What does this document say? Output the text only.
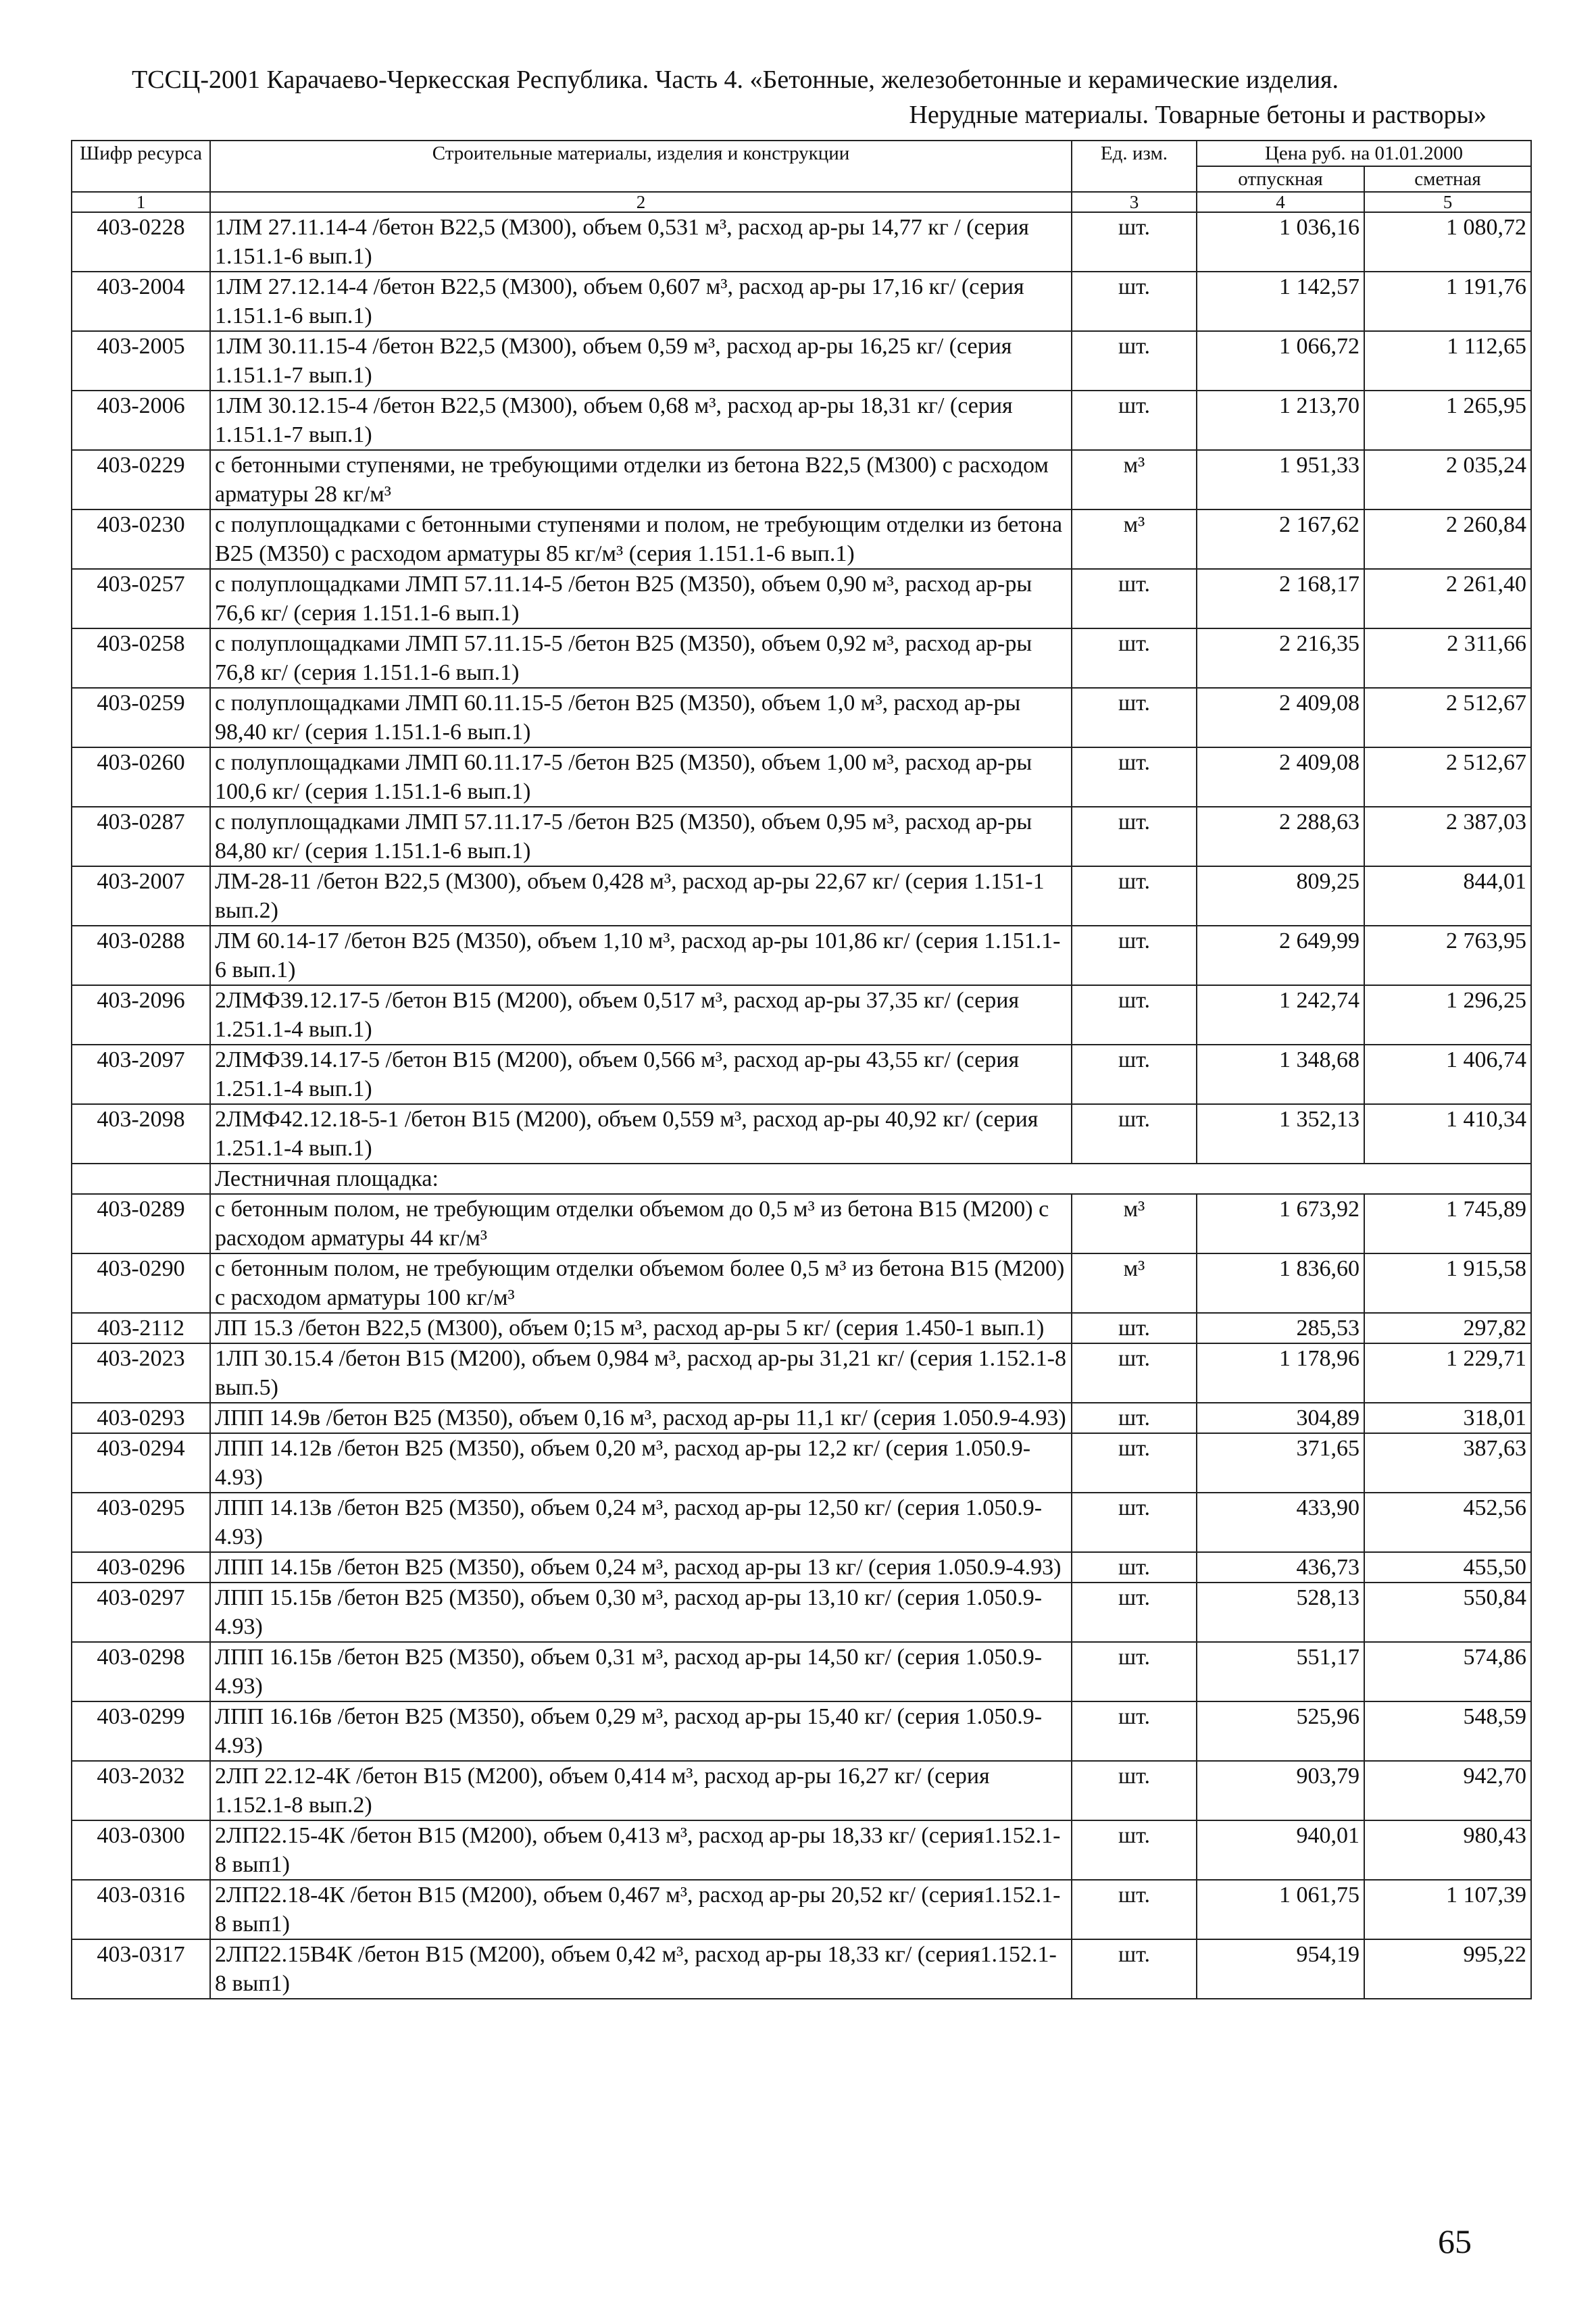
ТССЦ-2001 Карачаево-Черкесская Республика. Часть 4. «Бетонные, железобетонные и керамические изделия.
Нерудные материалы. Товарные бетоны и растворы»
Шифр ресурса	Строительные материалы, изделия и конструкции	Ед. изм.	Цена руб. на 01.01.2000	
			отпускная	сметная
1	2	3	4	5
403-0228	1ЛМ 27.11.14-4 /бетон В22,5 (М300), объем 0,531 м³, расход ар-ры 14,77 кг / (серия 1.151.1-6 вып.1)	шт.	1 036,16	1 080,72
403-2004	1ЛМ 27.12.14-4 /бетон В22,5 (М300), объем 0,607 м³, расход ар-ры 17,16 кг/ (серия 1.151.1-6 вып.1)	шт.	1 142,57	1 191,76
403-2005	1ЛМ 30.11.15-4 /бетон В22,5 (М300), объем 0,59 м³, расход ар-ры 16,25 кг/ (серия 1.151.1-7 вып.1)	шт.	1 066,72	1 112,65
403-2006	1ЛМ 30.12.15-4 /бетон В22,5 (М300), объем 0,68 м³, расход ар-ры 18,31 кг/ (серия 1.151.1-7 вып.1)	шт.	1 213,70	1 265,95
403-0229	с бетонными ступенями, не требующими отделки из бетона В22,5 (М300) с расходом арматуры 28 кг/м³	м³	1 951,33	2 035,24
403-0230	с полуплощадками с бетонными ступенями и полом, не требующим отделки из бетона В25 (М350) с расходом арматуры 85 кг/м³ (серия 1.151.1-6 вып.1)	м³	2 167,62	2 260,84
403-0257	с полуплощадками ЛМП 57.11.14-5 /бетон В25 (М350), объем 0,90 м³, расход ар-ры 76,6 кг/ (серия 1.151.1-6 вып.1)	шт.	2 168,17	2 261,40
403-0258	с полуплощадками ЛМП 57.11.15-5 /бетон В25 (М350), объем 0,92 м³, расход ар-ры 76,8 кг/ (серия 1.151.1-6 вып.1)	шт.	2 216,35	2 311,66
403-0259	с полуплощадками ЛМП 60.11.15-5 /бетон В25 (М350), объем 1,0 м³, расход ар-ры 98,40 кг/ (серия 1.151.1-6 вып.1)	шт.	2 409,08	2 512,67
403-0260	с полуплощадками ЛМП 60.11.17-5 /бетон В25 (М350), объем 1,00 м³, расход ар-ры 100,6 кг/ (серия 1.151.1-6 вып.1)	шт.	2 409,08	2 512,67
403-0287	с полуплощадками ЛМП 57.11.17-5 /бетон В25 (М350), объем 0,95 м³, расход ар-ры 84,80 кг/ (серия 1.151.1-6 вып.1)	шт.	2 288,63	2 387,03
403-2007	ЛМ-28-11 /бетон В22,5 (М300), объем 0,428 м³, расход ар-ры 22,67 кг/ (серия 1.151-1 вып.2)	шт.	809,25	844,01
403-0288	ЛМ 60.14-17 /бетон В25 (М350), объем 1,10 м³, расход ар-ры 101,86 кг/ (серия 1.151.1-6 вып.1)	шт.	2 649,99	2 763,95
403-2096	2ЛМФ39.12.17-5 /бетон В15 (М200), объем 0,517 м³, расход ар-ры 37,35 кг/ (серия 1.251.1-4 вып.1)	шт.	1 242,74	1 296,25
403-2097	2ЛМФ39.14.17-5 /бетон В15 (М200), объем 0,566 м³, расход ар-ры 43,55 кг/ (серия 1.251.1-4 вып.1)	шт.	1 348,68	1 406,74
403-2098	2ЛМФ42.12.18-5-1 /бетон В15 (М200), объем 0,559 м³, расход ар-ры 40,92 кг/ (серия 1.251.1-4 вып.1)	шт.	1 352,13	1 410,34
	Лестничная площадка:			
403-0289	с бетонным полом, не требующим отделки объемом до 0,5 м³ из бетона В15 (М200) с расходом арматуры 44 кг/м³	м³	1 673,92	1 745,89
403-0290	с бетонным полом, не требующим отделки объемом более 0,5 м³ из бетона В15 (М200) с расходом арматуры 100 кг/м³	м³	1 836,60	1 915,58
403-2112	ЛП 15.3 /бетон В22,5 (М300), объем 0;15 м³, расход ар-ры 5 кг/ (серия 1.450-1 вып.1)	шт.	285,53	297,82
403-2023	1ЛП 30.15.4 /бетон В15 (М200), объем 0,984 м³, расход ар-ры 31,21 кг/ (серия 1.152.1-8 вып.5)	шт.	1 178,96	1 229,71
403-0293	ЛПП 14.9в /бетон В25 (М350), объем 0,16 м³, расход ар-ры 11,1 кг/ (серия 1.050.9-4.93)	шт.	304,89	318,01
403-0294	ЛПП 14.12в /бетон В25 (М350), объем 0,20 м³, расход ар-ры 12,2 кг/ (серия 1.050.9-4.93)	шт.	371,65	387,63
403-0295	ЛПП 14.13в /бетон В25 (М350), объем 0,24 м³, расход ар-ры 12,50 кг/ (серия 1.050.9-4.93)	шт.	433,90	452,56
403-0296	ЛПП 14.15в /бетон В25 (М350), объем 0,24 м³, расход ар-ры 13 кг/ (серия 1.050.9-4.93)	шт.	436,73	455,50
403-0297	ЛПП 15.15в /бетон В25 (М350), объем 0,30 м³, расход ар-ры 13,10 кг/ (серия 1.050.9-4.93)	шт.	528,13	550,84
403-0298	ЛПП 16.15в /бетон В25 (М350), объем 0,31 м³, расход ар-ры 14,50 кг/ (серия 1.050.9-4.93)	шт.	551,17	574,86
403-0299	ЛПП 16.16в /бетон В25 (М350), объем 0,29 м³, расход ар-ры 15,40 кг/ (серия 1.050.9-4.93)	шт.	525,96	548,59
403-2032	2ЛП 22.12-4К /бетон В15 (М200), объем 0,414 м³, расход ар-ры 16,27 кг/ (серия 1.152.1-8 вып.2)	шт.	903,79	942,70
403-0300	2ЛП22.15-4К /бетон В15 (М200), объем 0,413 м³, расход ар-ры 18,33 кг/ (серия1.152.1-8 вып1)	шт.	940,01	980,43
403-0316	2ЛП22.18-4К /бетон В15 (М200), объем 0,467 м³, расход ар-ры 20,52 кг/ (серия1.152.1-8 вып1)	шт.	1 061,75	1 107,39
403-0317	2ЛП22.15В4К /бетон В15 (М200), объем 0,42 м³, расход ар-ры 18,33 кг/ (серия1.152.1-8 вып1)	шт.	954,19	995,22
65
